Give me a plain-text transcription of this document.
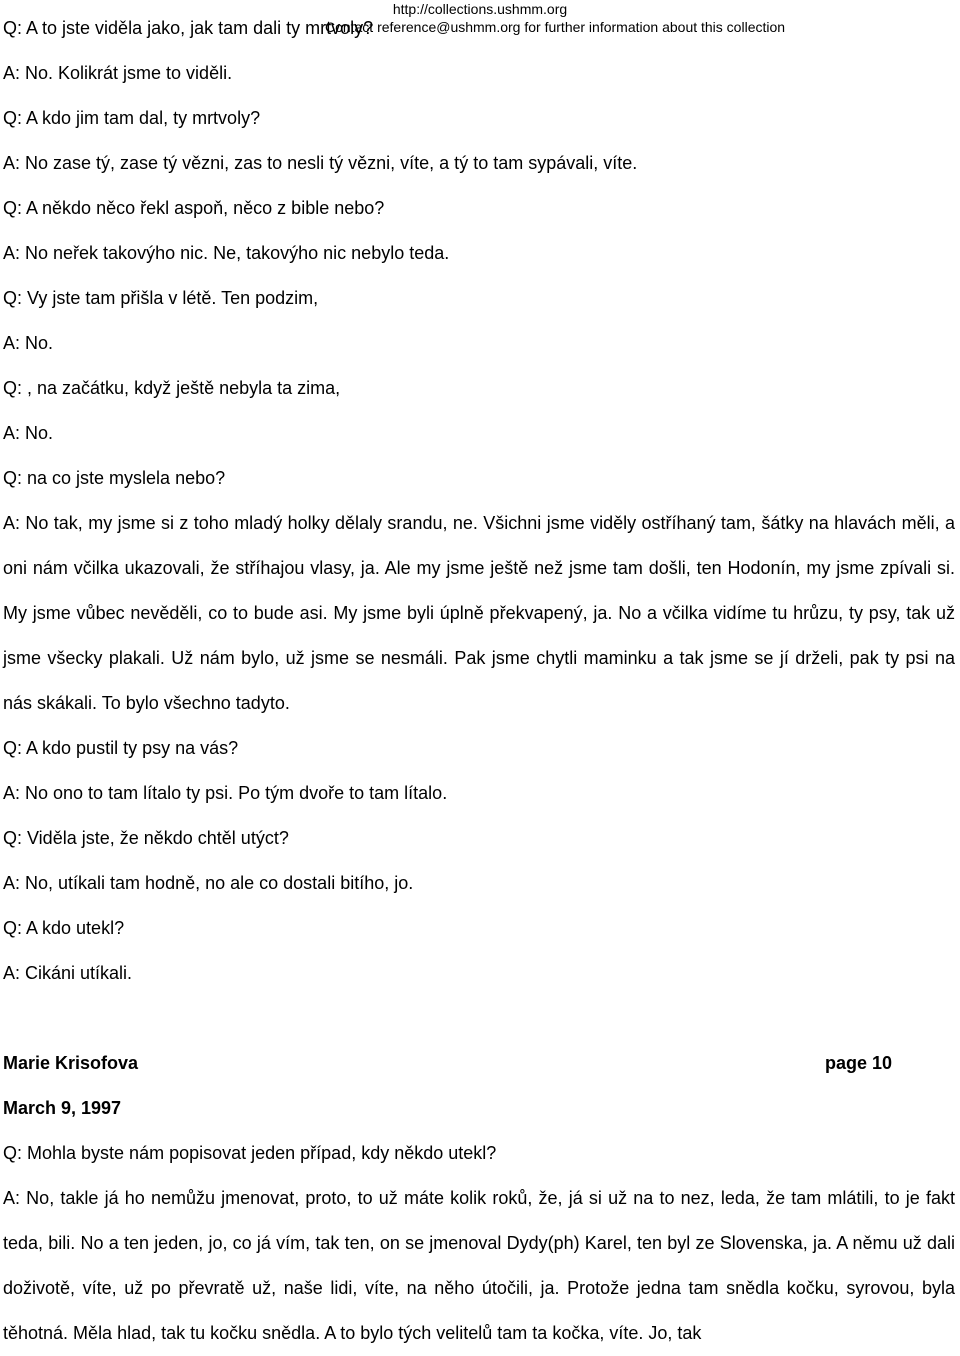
http://collections.ushmm.org

Contact reference@ushmm.org for further information about this collection

Q: A to jste viděla jako, jak tam dali ty mrtvoly?

A: No. Kolikrát jsme to viděli.

Q: A kdo jim tam dal, ty mrtvoly?

A: No zase tý, zase tý vězni, zas to nesli tý vězni, víte, a tý to tam sypávali, víte.

Q: A někdo něco řekl aspoň, něco z bible nebo?

A: No neřek takovýho nic. Ne, takovýho nic nebylo teda.

Q: Vy jste tam přišla v létě. Ten podzim,

A: No.

Q: , na začátku, když ještě nebyla ta zima,

A: No.

Q: na co jste myslela nebo?

A: No tak, my jsme si z toho mladý holky dělaly srandu, ne. Všichni jsme viděly ostříhaný tam, šátky na hlavách měli, a oni nám včilka ukazovali, že stříhajou vlasy, ja. Ale my jsme ještě než jsme tam došli, ten Hodonín, my jsme zpívali si. My jsme vůbec nevěděli, co to bude asi. My jsme byli úplně překvapený, ja. No a včilka vidíme tu hrůzu, ty psy, tak už jsme všecky plakali. Už nám bylo, už jsme se nesmáli. Pak jsme chytli maminku a tak jsme se jí drželi, pak ty psi na nás skákali. To bylo všechno tadyto.

Q: A kdo pustil ty psy na vás?

A: No ono to tam lítalo ty psi. Po tým dvoře to tam lítalo.

Q: Viděla jste, že někdo chtěl utýct?

A: No, utíkali tam hodně, no ale co dostali bitího, jo.

Q: A kdo utekl?

A: Cikáni utíkali.

Marie Krisofova	page 10

March 9, 1997

Q: Mohla byste nám popisovat jeden případ, kdy někdo utekl?

A: No, takle já ho nemůžu jmenovat, proto, to už máte kolik roků, že, já si už na to nez, leda, že tam mlátili, to je fakt teda, bili. No a ten jeden, jo, co já vím, tak ten, on se jmenoval Dydy(ph) Karel, ten byl ze Slovenska, ja. A němu už dali doživotě, víte, už po převratě už, naše lidi, víte, na něho útočili, ja. Protože jedna tam snědla kočku, syrovou, byla těhotná. Měla hlad, tak tu kočku snědla. A to bylo tých velitelů tam ta kočka, víte. Jo, tak
